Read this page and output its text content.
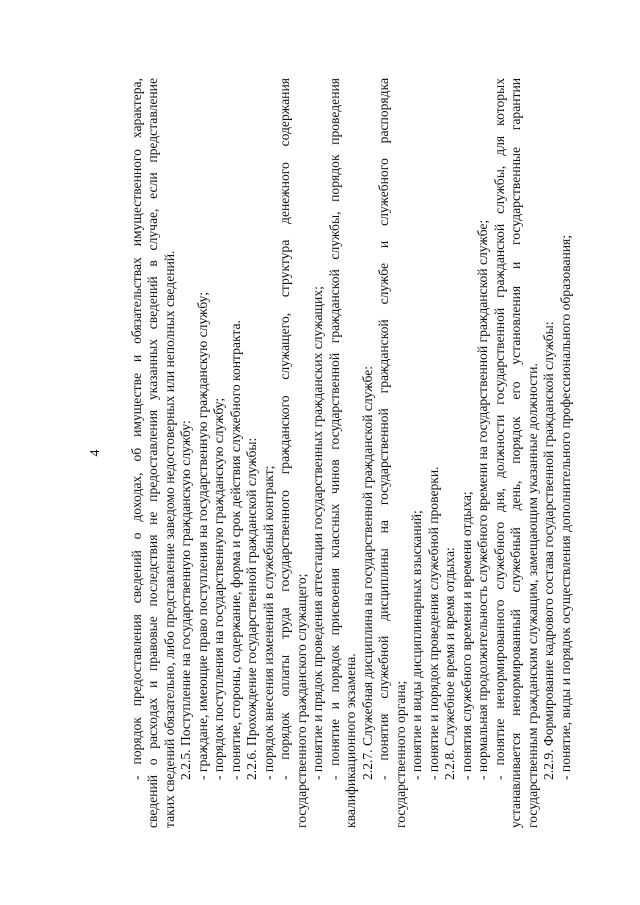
4 - порядок предоставления сведений о доходах, об имуществе и обязательствах имущественного характера, сведений о расходах и правовые последствия не предоставления указанных сведений в случае, если представление таких сведений обязательно, либо представление заведомо недостоверных или неполных сведений. 2.2.5. Поступление на государственную гражданскую службу: - граждане, имеющие право поступления на государственную гражданскую службу; - порядок поступления на государственную гражданскую службу; - понятие, стороны, содержание, форма и срок действия служебного контракта. 2.2.6. Прохождение государственной гражданской службы: - порядок внесения изменений в служебный контракт; - порядок оплаты труда государственного гражданского служащего, структура денежного содержания государственного гражданского служащего; - понятие и прядок проведения аттестации государственных гражданских служащих; - понятие и порядок присвоения классных чинов государственной гражданской службы, порядок проведения квалификационного экзамена. 2.2.7. Служебная дисциплина на государственной гражданской службе: - понятия служебной дисциплины на государственной гражданской службе и служебного распорядка государственного органа; - понятие и виды дисциплинарных взысканий; - понятие и порядок проведения служебной проверки. 2.2.8. Служебное время и время отдыха: - понятия служебного времени и времени отдыха; - нормальная продолжительность служебного времени на государственной гражданской службе; - понятие ненормированного служебного дня, должности государственной гражданской службы, для которых устанавливается ненормированный служебный день, порядок его установления и государственные гарантии государственным гражданским служащим, замещающим указанные должности. 2.2.9. Формирование кадрового состава государственной гражданской службы: - понятие, виды и порядок осуществления дополнительного профессионального образования;
